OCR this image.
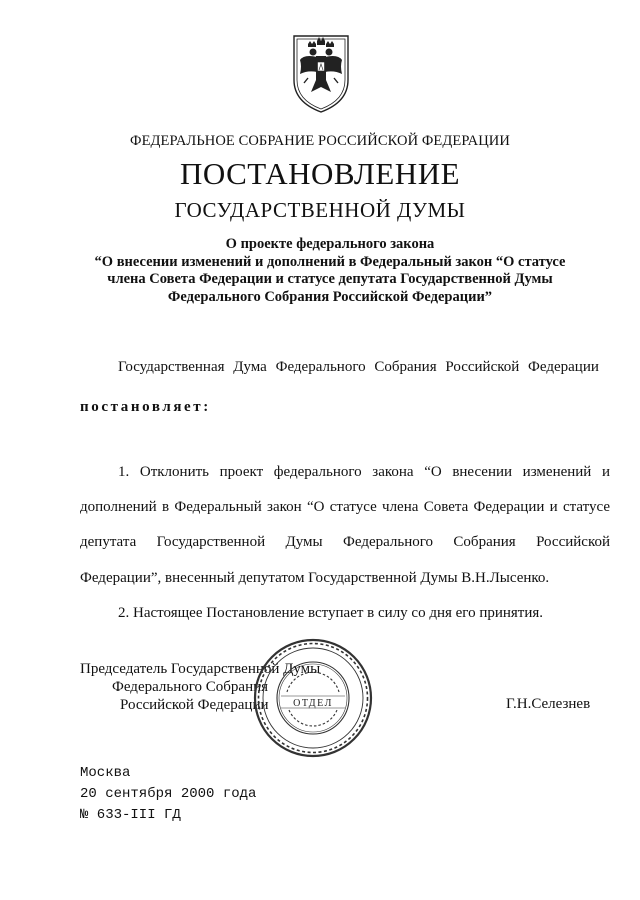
ФЕДЕРАЛЬНОЕ СОБРАНИЕ РОССИЙСКОЙ ФЕДЕРАЦИИ
ПОСТАНОВЛЕНИЕ
ГОСУДАРСТВЕННОЙ ДУМЫ
О проекте федерального закона
“О внесении изменений и дополнений в Федеральный закон “О статусе
члена Совета Федерации и статусе депутата Государственной Думы
Федерального Собрания Российской Федерации”
Государственная Дума Федерального Собрания Российской Федерации
постановляет:
1. Отклонить проект федерального закона “О внесении изменений и
дополнений в Федеральный закон “О статусе члена Совета Федерации и статусе
депутата Государственной Думы Федерального Собрания Российской
Федерации”, внесенный депутатом Государственной Думы В.Н.Лысенко.
2. Настоящее Постановление вступает в силу со дня его принятия.
Председатель Государственной Думы
Федерального Собрания
Российской Федерации	Г.Н.Селезнев
ОТДЕЛ
Москва
20 сентября 2000 года
№ 633-III ГД
